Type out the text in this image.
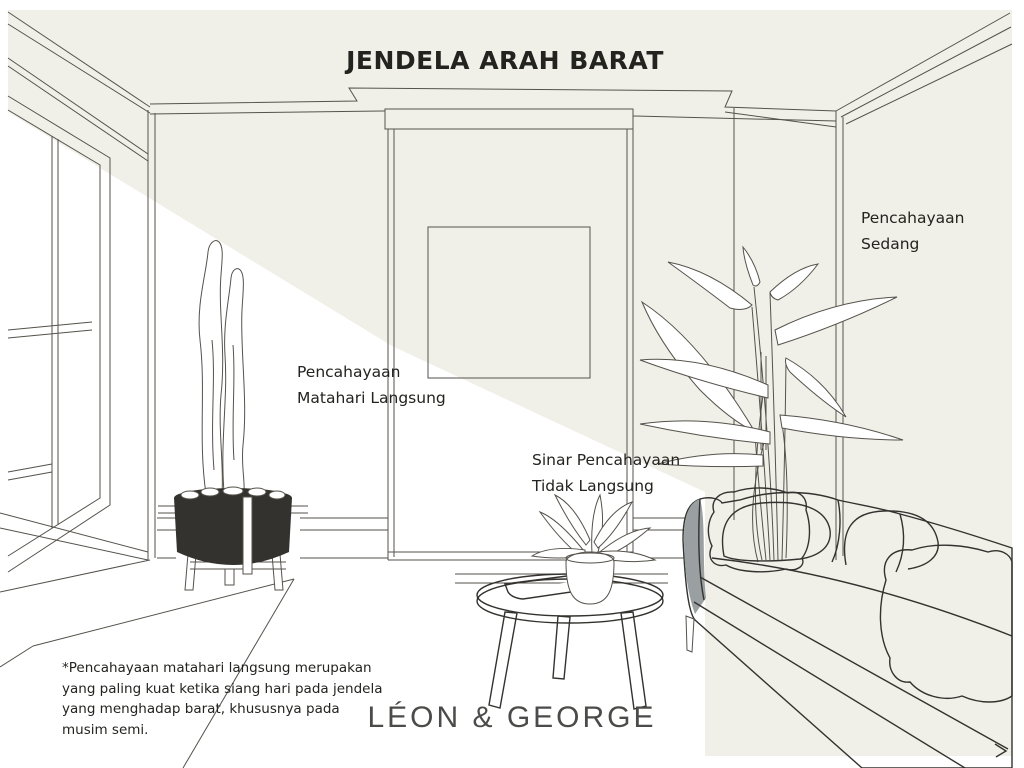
JENDELA ARAH BARAT
Pencahayaan
Matahari Langsung
Pencahayaan
Sedang
Sinar Pencahayaan
Tidak Langsung
*Pencahayaan matahari langsung merupakan
yang paling kuat ketika siang hari pada jendela
yang menghadap barat, khususnya pada
musim semi.	LÉON & GEORGE
